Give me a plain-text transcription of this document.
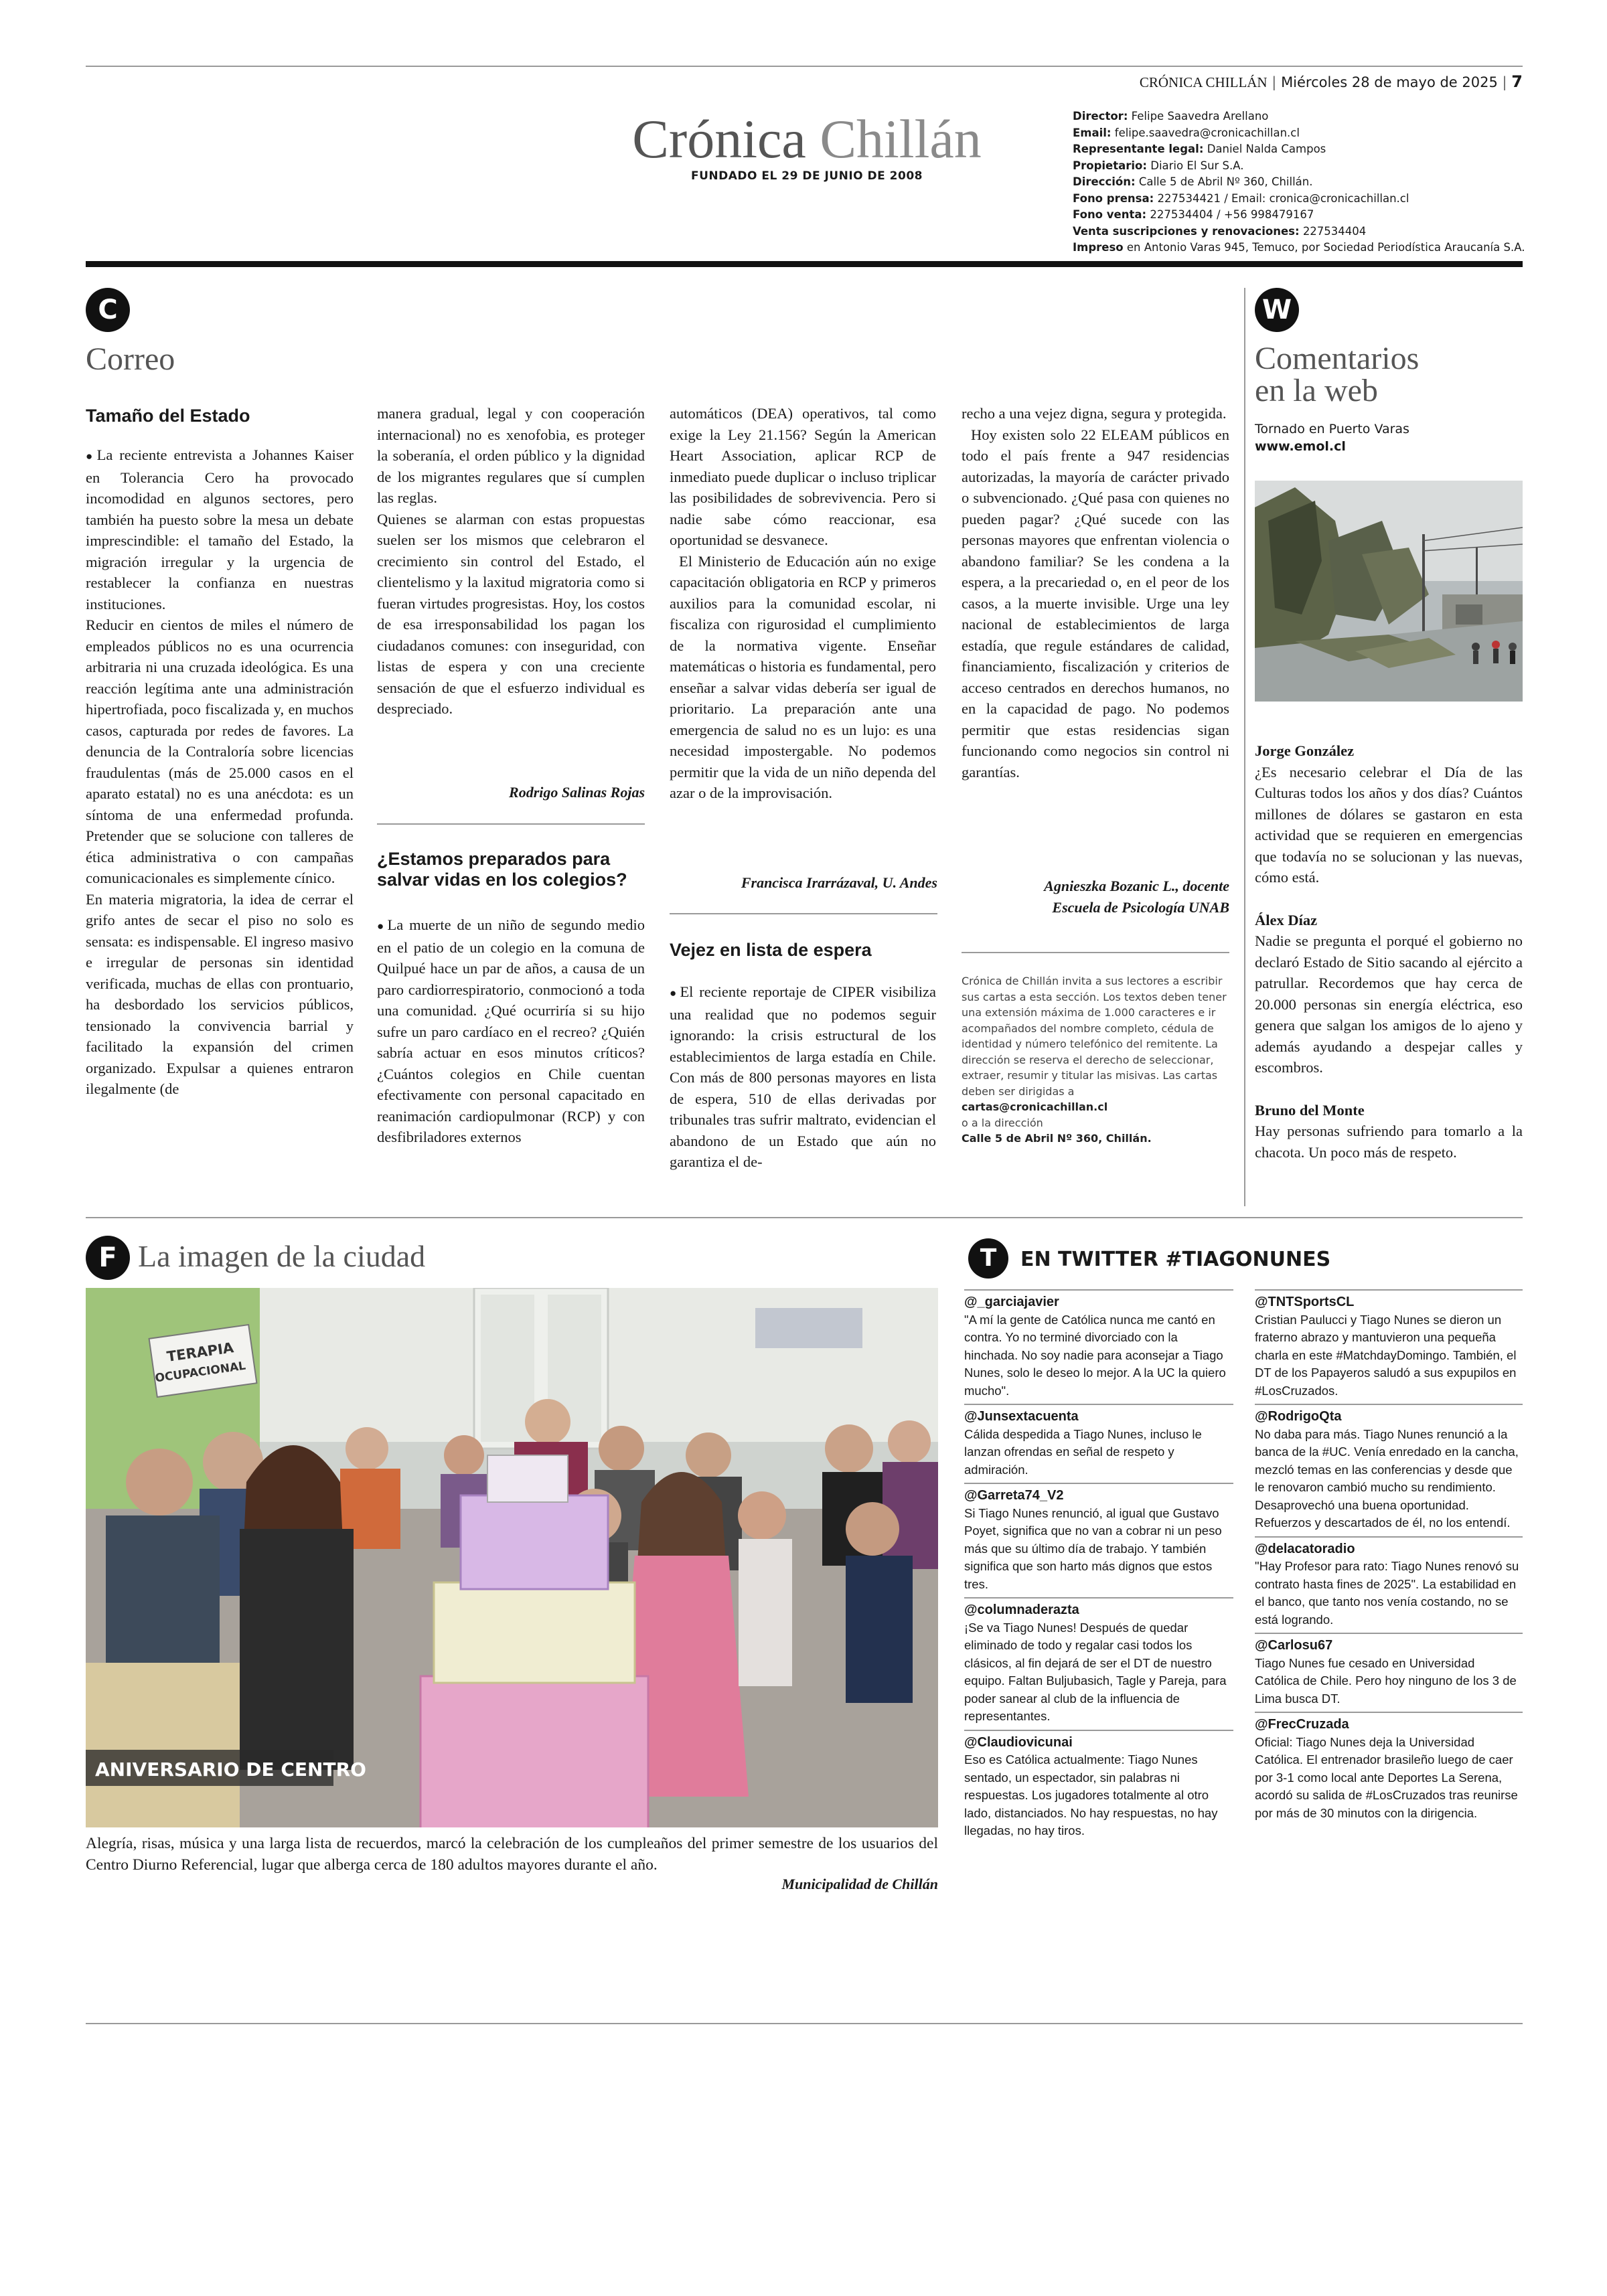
CRÓNICA CHILLÁN | Miércoles 28 de mayo de 2025 | 7
Crónica Chillán
FUNDADO EL 29 DE JUNIO DE 2008
Director: Felipe Saavedra Arellano
Email: felipe.saavedra@cronicachillan.cl
Representante legal: Daniel Nalda Campos
Propietario: Diario El Sur S.A.
Dirección: Calle 5 de Abril Nº 360, Chillán.
Fono prensa: 227534421 / Email: cronica@cronicachillan.cl
Fono venta: 227534404 / +56 998479167
Venta suscripciones y renovaciones: 227534404
Impreso en Antonio Varas 945, Temuco, por Sociedad Periodística Araucanía S.A.
C
Correo
Tamaño del Estado

● La reciente entrevista a Johannes Kaiser en Tolerancia Cero ha provocado incomodidad en algunos sectores, pero también ha puesto sobre la mesa un debate imprescindible: el tamaño del Estado, la migración irregular y la urgencia de restablecer la confianza en nuestras instituciones.

Reducir en cientos de miles el número de empleados públicos no es una ocurrencia arbitraria ni una cruzada ideológica. Es una reacción legítima ante una administración hipertrofiada, poco fiscalizada y, en muchos casos, capturada por redes de favores. La denuncia de la Contraloría sobre licencias fraudulentas (más de 25.000 casos en el aparato estatal) no es una anécdota: es un síntoma de una enfermedad profunda. Pretender que se solucione con talleres de ética administrativa o con campañas comunicacionales es simplemente cínico.

En materia migratoria, la idea de cerrar el grifo antes de secar el piso no solo es sensata: es indispensable. El ingreso masivo e irregular de personas sin identidad verificada, muchas de ellas con prontuario, ha desbordado los servicios públicos, tensionado la convivencia barrial y facilitado la expansión del crimen organizado. Expulsar a quienes entraron ilegalmente (de

manera gradual, legal y con cooperación internacional) no es xenofobia, es proteger la soberanía, el orden público y la dignidad de los migrantes regulares que sí cumplen las reglas.

Quienes se alarman con estas propuestas suelen ser los mismos que celebraron el crecimiento sin control del Estado, el clientelismo y la laxitud migratoria como si fueran virtudes progresistas. Hoy, los costos de esa irresponsabilidad los pagan los ciudadanos comunes: con inseguridad, con listas de espera y con una creciente sensación de que el esfuerzo individual es despreciado.

Rodrigo Salinas Rojas
¿Estamos preparados para salvar vidas en los colegios?

● La muerte de un niño de segundo medio en el patio de un colegio en la comuna de Quilpué hace un par de años, a causa de un paro cardiorrespiratorio, conmocionó a toda una comunidad. ¿Qué ocurriría si su hijo sufre un paro cardíaco en el recreo? ¿Quién sabría actuar en esos minutos críticos? ¿Cuántos colegios en Chile cuentan efectivamente con personal capacitado en reanimación cardiopulmonar (RCP) y con desfibriladores externos

automáticos (DEA) operativos, tal como exige la Ley 21.156? Según la American Heart Association, aplicar RCP de inmediato puede duplicar o incluso triplicar las posibilidades de sobrevivencia. Pero si nadie sabe cómo reaccionar, esa oportunidad se desvanece.

El Ministerio de Educación aún no exige capacitación obligatoria en RCP y primeros auxilios para la comunidad escolar, ni fiscaliza con rigurosidad el cumplimiento de la normativa vigente. Enseñar matemáticas o historia es fundamental, pero enseñar a salvar vidas debería ser igual de prioritario. La preparación ante una emergencia de salud no es un lujo: es una necesidad impostergable. No podemos permitir que la vida de un niño dependa del azar o de la improvisación.

Francisca Irarrázaval, U. Andes
Vejez en lista de espera

● El reciente reportaje de CIPER visibiliza una realidad que no podemos seguir ignorando: la crisis estructural de los establecimientos de larga estadía en Chile. Con más de 800 personas mayores en lista de espera, 510 de ellas derivadas por tribunales tras sufrir maltrato, evidencian el abandono de un Estado que aún no garantiza el de-

recho a una vejez digna, segura y protegida.

Hoy existen solo 22 ELEAM públicos en todo el país frente a 947 residencias autorizadas, la mayoría de carácter privado o subvencionado. ¿Qué pasa con quienes no pueden pagar? ¿Qué sucede con las personas mayores que enfrentan violencia o abandono familiar? Se les condena a la espera, a la precariedad o, en el peor de los casos, a la muerte invisible. Urge una ley nacional de establecimientos de larga estadía, que regule estándares de calidad, financiamiento, fiscalización y criterios de acceso centrados en derechos humanos, no en la capacidad de pago. No podemos permitir que estas residencias sigan funcionando como negocios sin control ni garantías.

Agnieszka Bozanic L., docente
Escuela de Psicología UNAB
Crónica de Chillán invita a sus lectores a escribir sus cartas a esta sección. Los textos deben tener una extensión máxima de 1.000 caracteres e ir acompañados del nombre completo, cédula de identidad y número telefónico del remitente. La dirección se reserva el derecho de seleccionar, extraer, resumir y titular las misivas. Las cartas deben ser dirigidas a
cartas@cronicachillan.cl
o a la dirección
Calle 5 de Abril Nº 360, Chillán.
W
Comentarios
en la web
Tornado en Puerto Varas
www.emol.cl
Jorge González

¿Es necesario celebrar el Día de las Culturas todos los años y dos días? Cuántos millones de dólares se gastaron en esta actividad que se requieren en emergencias que todavía no se solucionan y las nuevas, cómo está.

Álex Díaz

Nadie se pregunta el porqué el gobierno no declaró Estado de Sitio sacando al ejército a patrullar. Recordemos que hay cerca de 20.000 personas sin energía eléctrica, eso genera que salgan los amigos de lo ajeno y además ayudando a despejar calles y escombros.

Bruno del Monte

Hay personas sufriendo para tomarlo a la chacota. Un poco más de respeto.

F La imagen de la ciudad
TERAPIA
OCUPACIONAL
ANIVERSARIO DE CENTRO
Alegría, risas, música y una larga lista de recuerdos, marcó la celebración de los cumpleaños del primer semestre de los usuarios del Centro Diurno Referencial, lugar que alberga cerca de 180 adultos mayores durante el año.
Municipalidad de Chillán
T	EN TWITTER #TIAGONUNES
@_garciajavier
"A mí la gente de Católica nunca me cantó en contra. Yo no terminé divorciado con la hinchada. No soy nadie para aconsejar a Tiago Nunes, solo le deseo lo mejor. A la UC la quiero mucho".
@Junsextacuenta
Cálida despedida a Tiago Nunes, incluso le lanzan ofrendas en señal de respeto y admiración.
@Garreta74_V2
Si Tiago Nunes renunció, al igual que Gustavo Poyet, significa que no van a cobrar ni un peso más que su último día de trabajo. Y también significa que son harto más dignos que estos tres.
@columnaderazta
¡Se va Tiago Nunes! Después de quedar eliminado de todo y regalar casi todos los clásicos, al fin dejará de ser el DT de nuestro equipo. Faltan Buljubasich, Tagle y Pareja, para poder sanear al club de la influencia de representantes.
@Claudiovicunai
Eso es Católica actualmente: Tiago Nunes sentado, un espectador, sin palabras ni respuestas. Los jugadores totalmente al otro lado, distanciados. No hay respuestas, no hay llegadas, no hay tiros.
@TNTSportsCL
Cristian Paulucci y Tiago Nunes se dieron un fraterno abrazo y mantuvieron una pequeña charla en este #MatchdayDomingo. También, el DT de los Papayeros saludó a sus expupilos en #LosCruzados.
@RodrigoQta
No daba para más. Tiago Nunes renunció a la banca de la #UC. Venía enredado en la cancha, mezcló temas en las conferencias y desde que le renovaron cambió mucho su rendimiento. Desaprovechó una buena oportunidad. Refuerzos y descartados de él, no los entendí.
@delacatoradio
"Hay Profesor para rato: Tiago Nunes renovó su contrato hasta fines de 2025". La estabilidad en el banco, que tanto nos venía costando, no se está logrando.
@Carlosu67
Tiago Nunes fue cesado en Universidad Católica de Chile. Pero hoy ninguno de los 3 de Lima busca DT.
@FrecCruzada
Oficial: Tiago Nunes deja la Universidad Católica. El entrenador brasileño luego de caer por 3-1 como local ante Deportes La Serena, acordó su salida de #LosCruzados tras reunirse por más de 30 minutos con la dirigencia.
